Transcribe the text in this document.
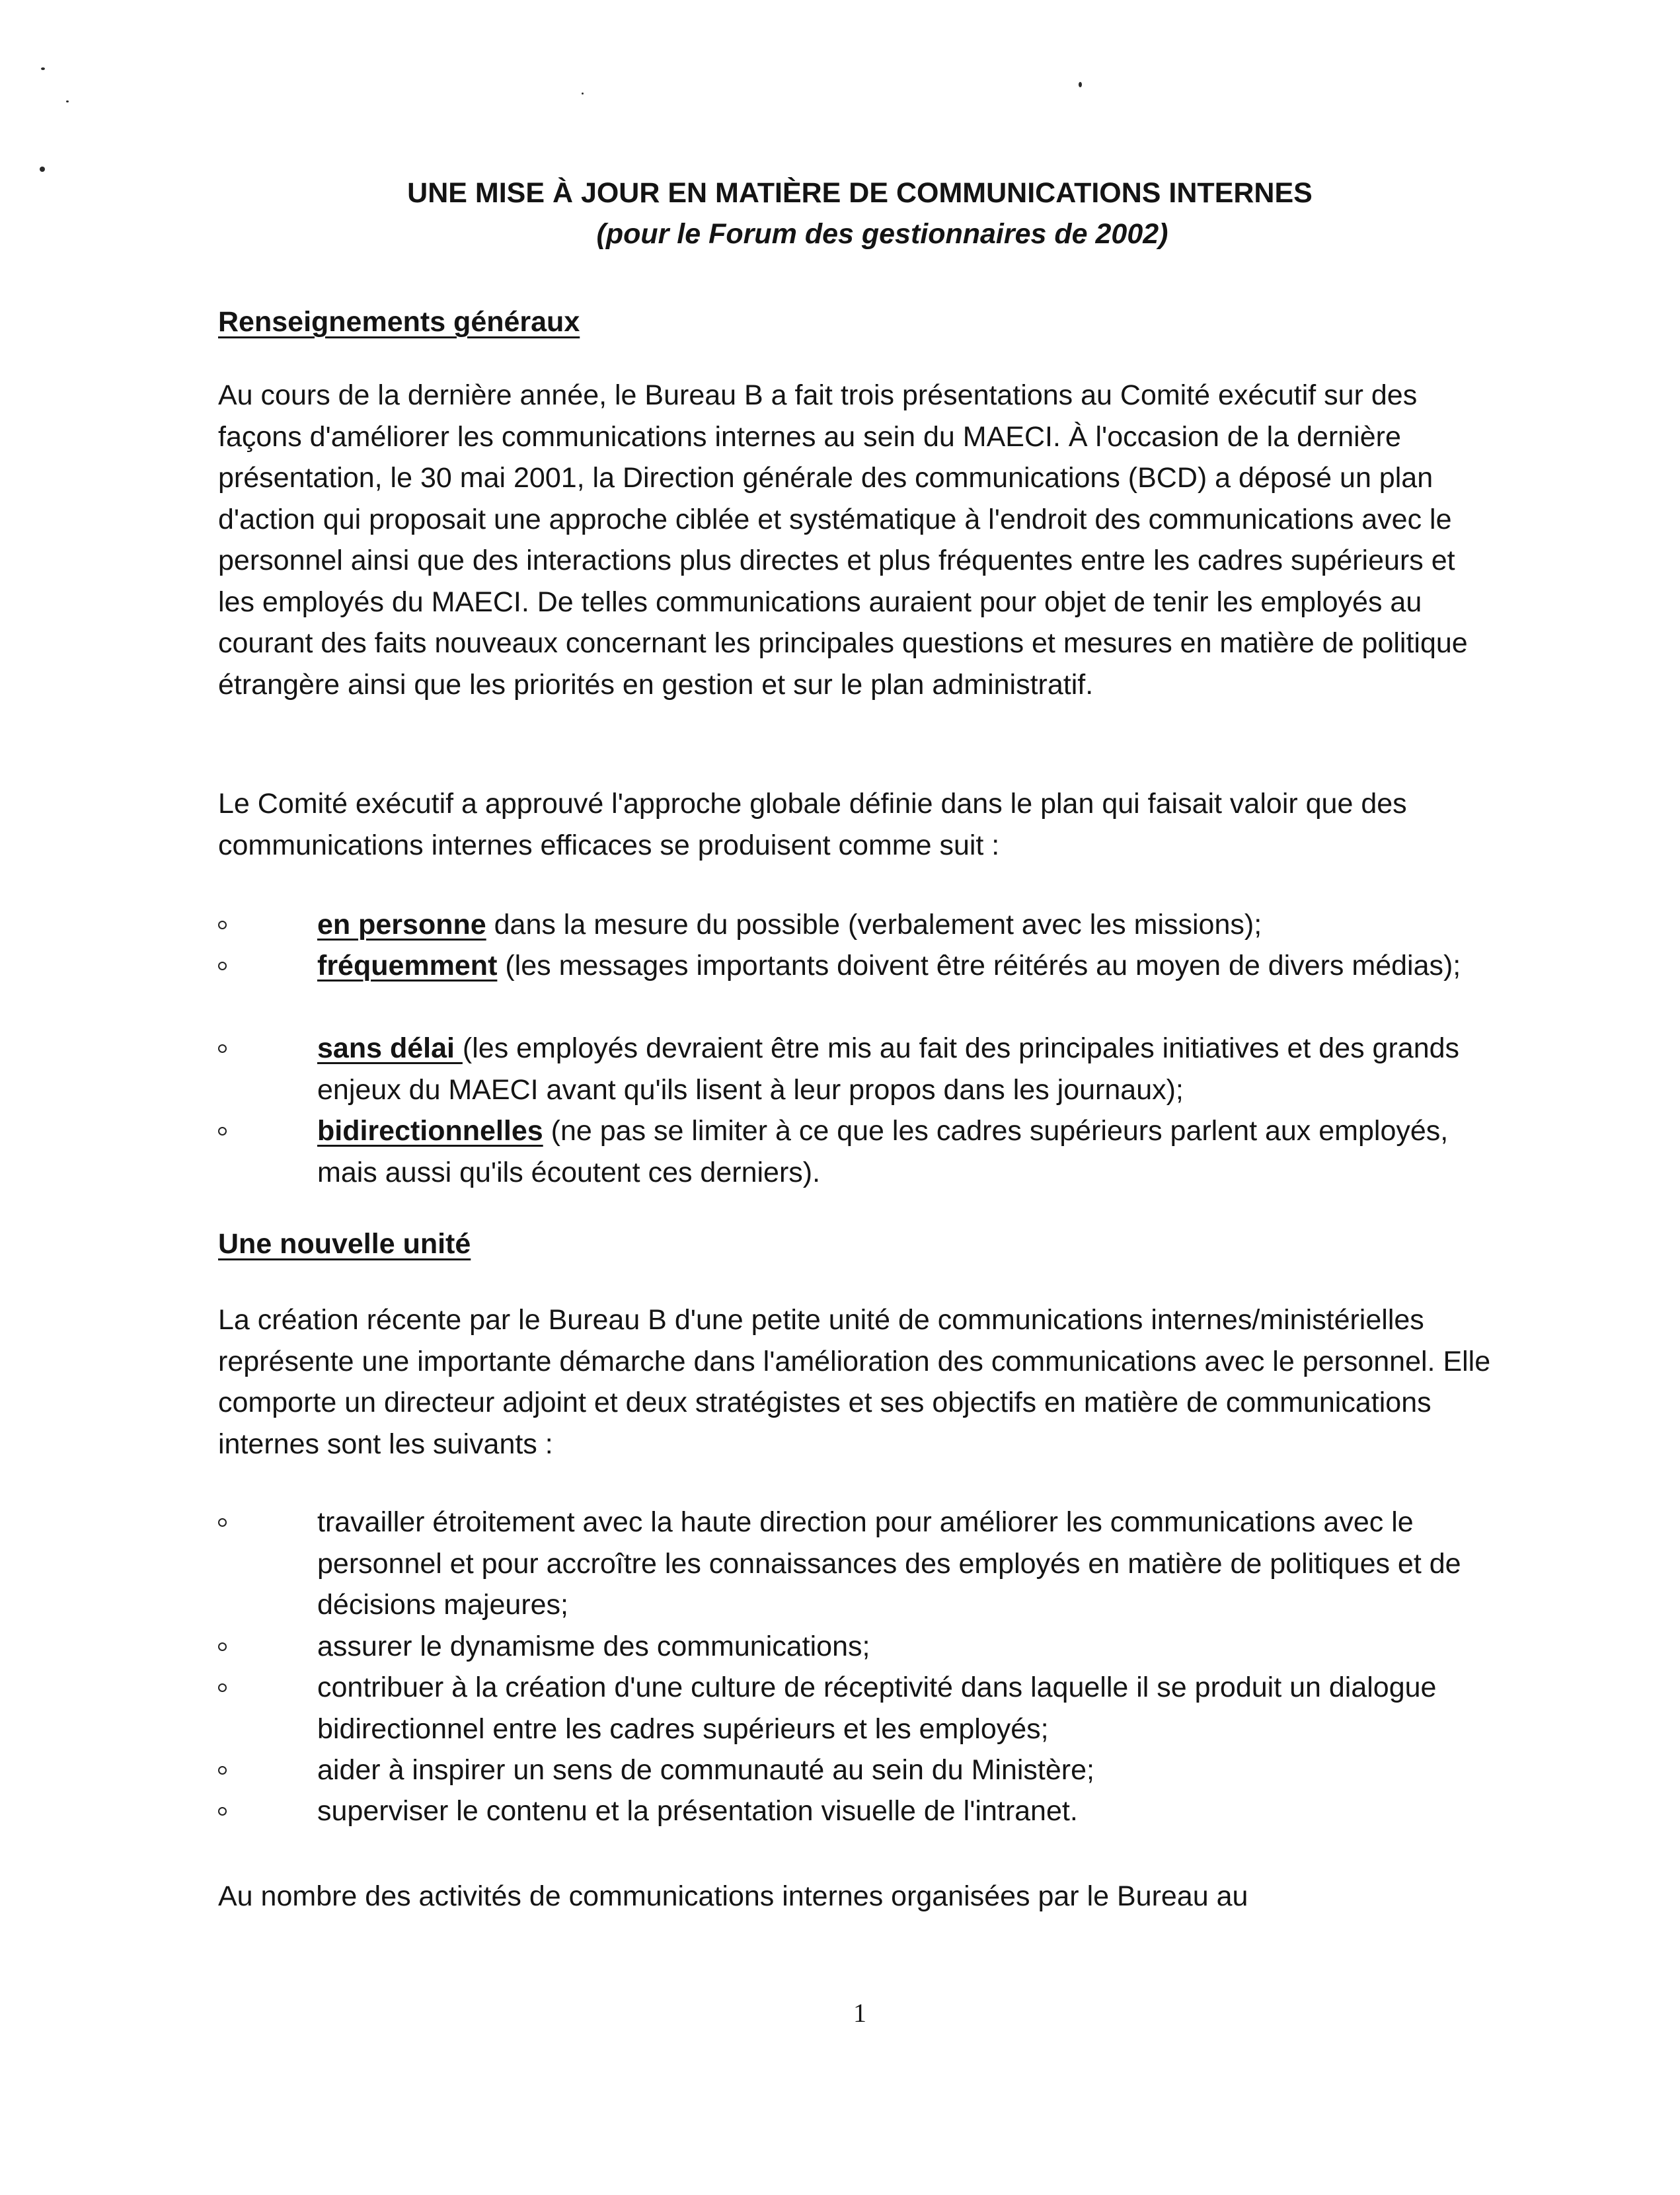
UNE MISE À JOUR EN MATIÈRE DE COMMUNICATIONS INTERNES
(pour le Forum des gestionnaires de 2002)
Renseignements généraux

Au cours de la dernière année, le Bureau B a fait trois présentations au Comité exécutif sur des façons d'améliorer les communications internes au sein du MAECI. À l'occasion de la dernière présentation, le 30 mai 2001, la Direction générale des communications (BCD) a déposé un plan d'action qui proposait une approche ciblée et systématique à l'endroit des communications avec le personnel ainsi que des interactions plus directes et plus fréquentes entre les cadres supérieurs et les employés du MAECI. De telles communications auraient pour objet de tenir les employés au courant des faits nouveaux concernant les principales questions et mesures en matière de politique étrangère ainsi que les priorités en gestion et sur le plan administratif.

Le Comité exécutif a approuvé l'approche globale définie dans le plan qui faisait valoir que des communications internes efficaces se produisent comme suit :

en personne dans la mesure du possible (verbalement avec les missions);
fréquemment (les messages importants doivent être réitérés au moyen de divers médias);
sans délai (les employés devraient être mis au fait des principales initiatives et des grands enjeux du MAECI avant qu'ils lisent à leur propos dans les journaux);
bidirectionnelles (ne pas se limiter à ce que les cadres supérieurs parlent aux employés, mais aussi qu'ils écoutent ces derniers).
Une nouvelle unité

La création récente par le Bureau B d'une petite unité de communications internes/ministérielles représente une importante démarche dans l'amélioration des communications avec le personnel. Elle comporte un directeur adjoint et deux stratégistes et ses objectifs en matière de communications internes sont les suivants :

travailler étroitement avec la haute direction pour améliorer les communications avec le personnel et pour accroître les connaissances des employés en matière de politiques et de décisions majeures;
assurer le dynamisme des communications;
contribuer à la création d'une culture de réceptivité dans laquelle il se produit un dialogue bidirectionnel entre les cadres supérieurs et les employés;
aider à inspirer un sens de communauté au sein du Ministère;
superviser le contenu et la présentation visuelle de l'intranet.

Au nombre des activités de communications internes organisées par le Bureau au

1
